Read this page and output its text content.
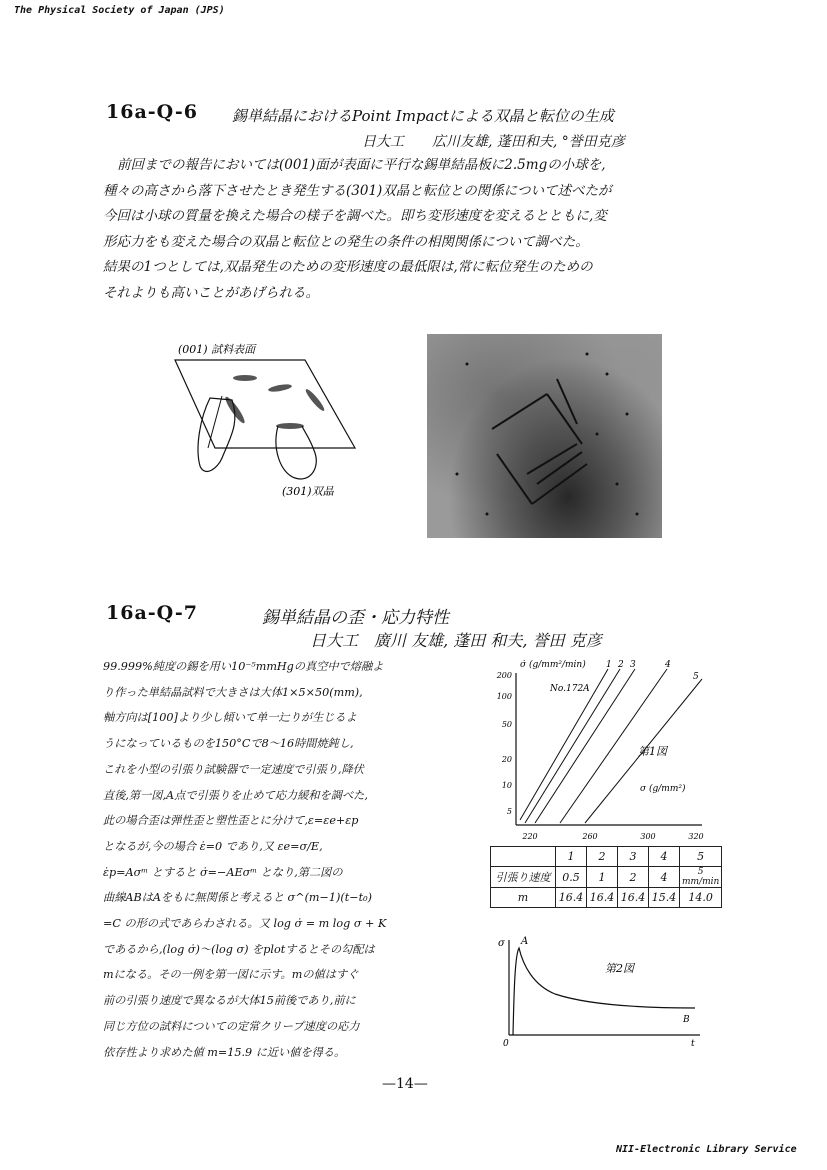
The Physical Society of Japan (JPS)
NII-Electronic Library Service
16a-Q-6 錫単結晶におけるPoint Impactによる双晶と転位の生成
日大工　　広川友雄, 蓬田和夫, °誉田克彦
前回までの報告においては(001)面が表面に平行な錫単結晶板に2.5mgの小球を,
種々の高さから落下させたとき発生する(301)双晶と転位との関係について述べたが
今回は小球の質量を換えた場合の様子を調べた。即ち変形速度を変えるとともに,変
形応力をも変えた場合の双晶と転位との発生の条件の相関関係について調べた。
結果の1つとしては,双晶発生のための変形速度の最低限は,常に転位発生のための
それよりも高いことがあげられる。
(001) 試料表面
(301)双晶
16a-Q-7	錫単結晶の歪・応力特性
日大工　廣川 友雄, 蓬田 和夫, 誉田 克彦
99.999%純度の錫を用い10⁻⁵mmHgの真空中で熔融よ
り作った単結晶試料で大きさは大体1×5×50(mm),
軸方向は[100]より少し傾いて单一辷りが生じるよ
うになっているものを150°Cで8～16時間焼鈍し,
これを小型の引張り試験器で一定速度で引張り,降伏
直後,第一図,A点で引張りを止めて応力緩和を調べた,
此の場合歪は弾性歪と塑性歪とに分けて,ε=εe+εp
となるが,今の場合 ε̇=0 であり,又 εe=σ/E,
ε̇p=Aσᵐ とすると σ̇=−AEσᵐ となり,第二図の
曲線ABはAをもに無関係と考えると σ^(m−1)(t−t₀)
=C の形の式であらわされる。又 log σ̇ = m log σ + K
であるから,(log σ̇)～(log σ) をplotするとその勾配は
mになる。その一例を第一図に示す。mの値はすぐ
前の引張り速度で異なるが大体15前後であり,前に
同じ方位の試料についての定常クリープ速度の応力
依存性より求めた値 m=15.9 に近い値を得る。
σ̇ (g/mm²/min)
No.172A
σ (g/mm²)
第1図
200
100
50
20
10
5
220	260	300	320
1 2 3	4
5
	1	2	3	4	5
引張り速度	0.5	1	2	4	5 mm/min
m	16.4	16.4	16.4	15.4	14.0
σ A
B
0	t
第2図
—14—
